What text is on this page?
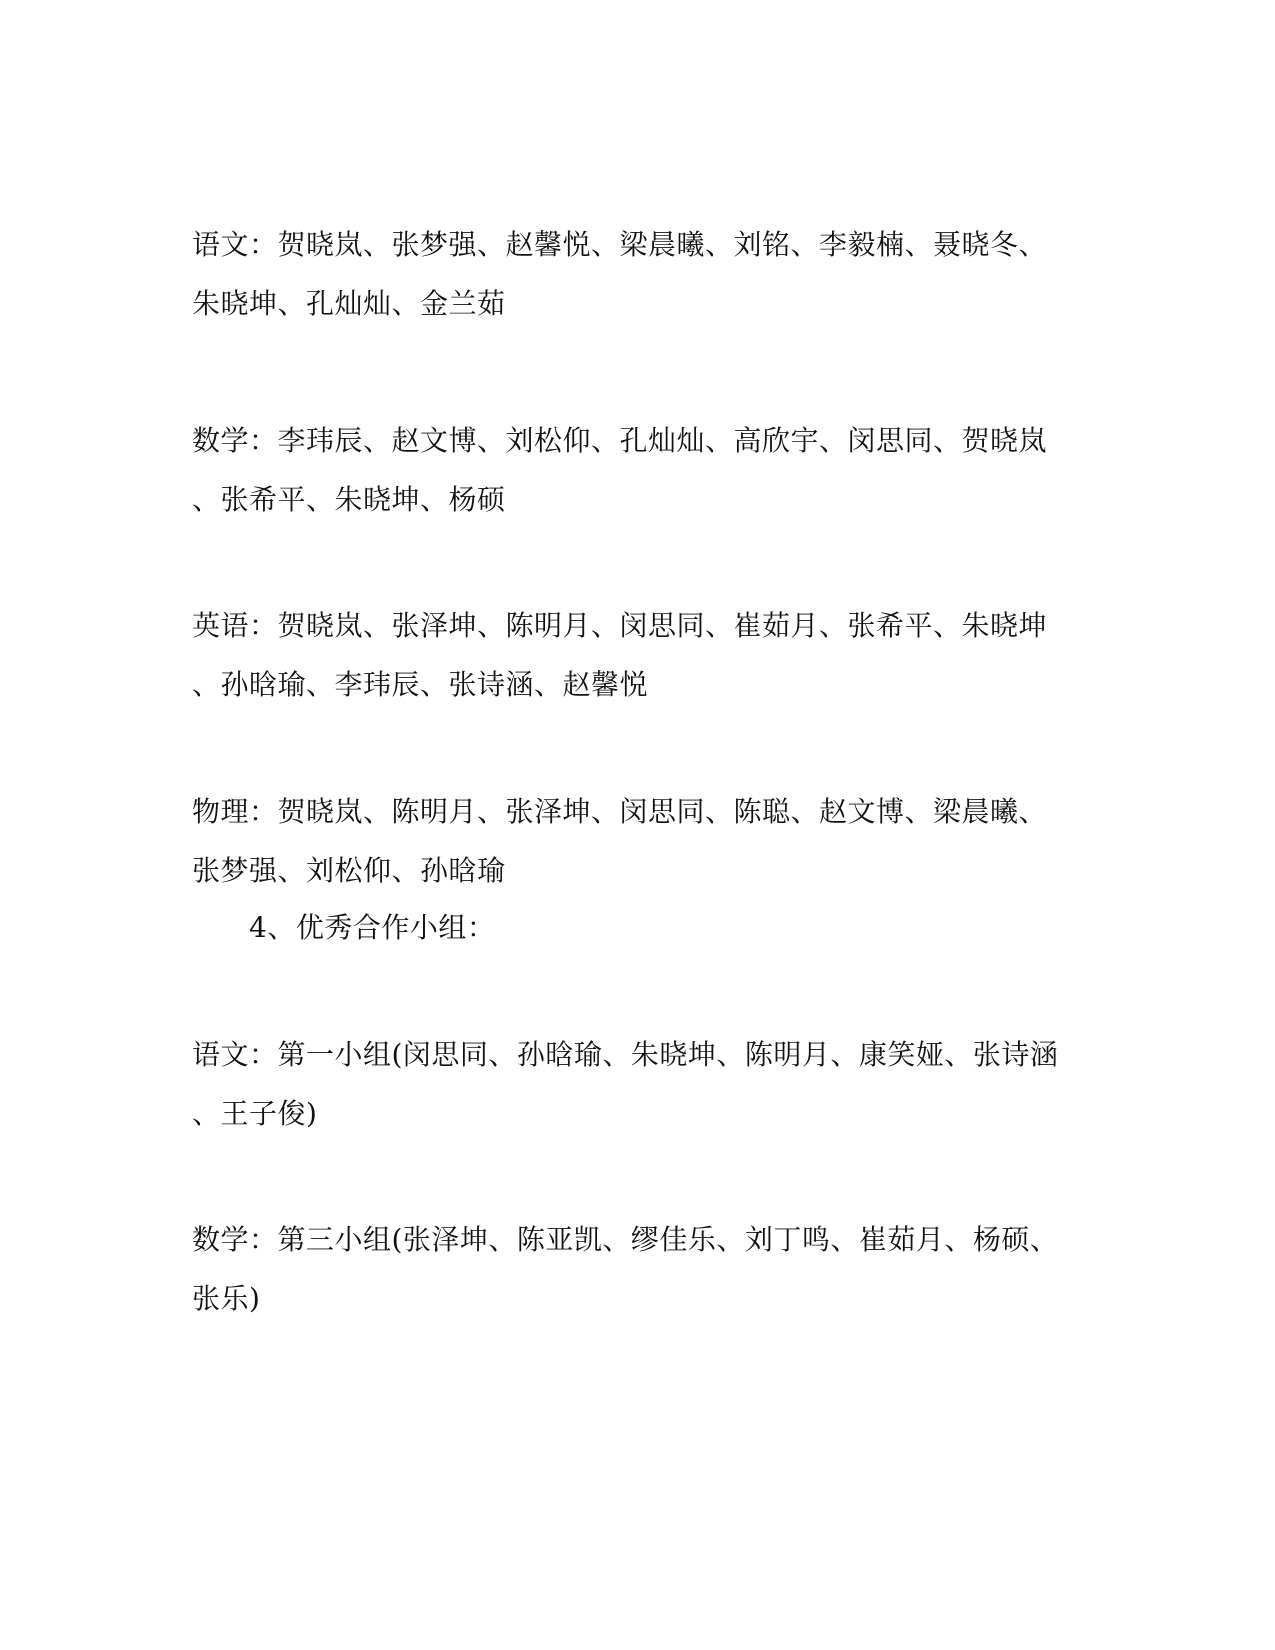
语文：贺晓岚、张梦强、赵馨悦、梁晨曦、刘铭、李毅楠、聂晓冬、
朱晓坤、孔灿灿、金兰茹
数学：李玮辰、赵文博、刘松仰、孔灿灿、高欣宇、闵思同、贺晓岚
、张希平、朱晓坤、杨硕
英语：贺晓岚、张泽坤、陈明月、闵思同、崔茹月、张希平、朱晓坤
、孙晗瑜、李玮辰、张诗涵、赵馨悦
物理：贺晓岚、陈明月、张泽坤、闵思同、陈聪、赵文博、梁晨曦、
张梦强、刘松仰、孙晗瑜
4、优秀合作小组：
语文：第一小组(闵思同、孙晗瑜、朱晓坤、陈明月、康笑娅、张诗涵
、王子俊)
数学：第三小组(张泽坤、陈亚凯、缪佳乐、刘丁鸣、崔茹月、杨硕、
张乐)
